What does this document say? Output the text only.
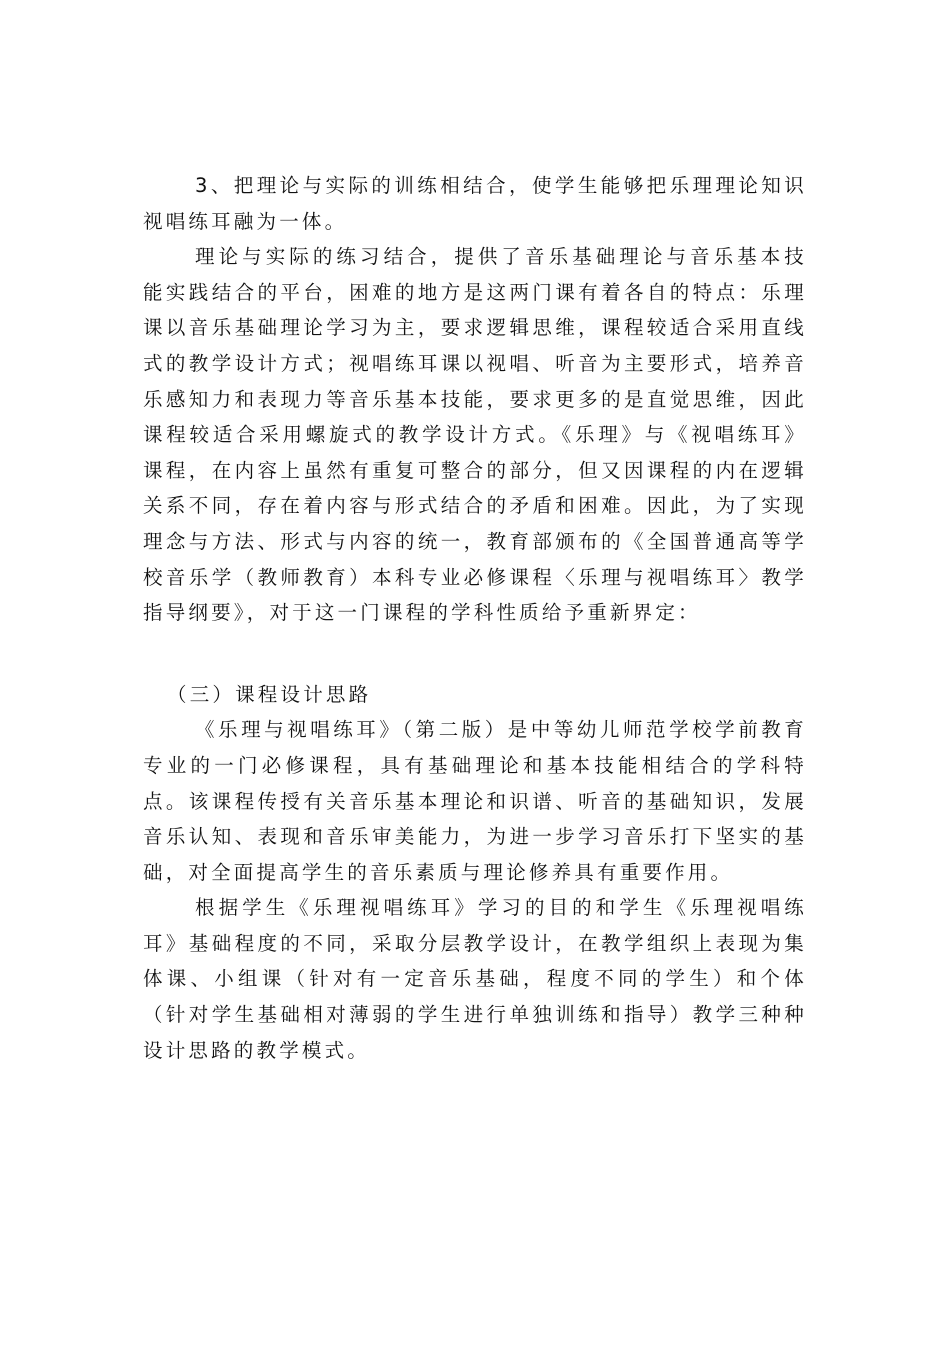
3、把理论与实际的训练相结合，使学生能够把乐理理论知识视唱练耳融为一体。

理论与实际的练习结合，提供了音乐基础理论与音乐基本技能实践结合的平台，困难的地方是这两门课有着各自的特点：乐理课以音乐基础理论学习为主，要求逻辑思维，课程较适合采用直线式的教学设计方式；视唱练耳课以视唱、听音为主要形式，培养音乐感知力和表现力等音乐基本技能，要求更多的是直觉思维，因此课程较适合采用螺旋式的教学设计方式。《乐理》与《视唱练耳》课程，在内容上虽然有重复可整合的部分，但又因课程的内在逻辑关系不同，存在着内容与形式结合的矛盾和困难。因此，为了实现理念与方法、形式与内容的统一，教育部颁布的《全国普通高等学校音乐学（教师教育）本科专业必修课程〈乐理与视唱练耳〉教学指导纲要》，对于这一门课程的学科性质给予重新界定：

（三）课程设计思路

《乐理与视唱练耳》（第二版）是中等幼儿师范学校学前教育专业的一门必修课程，具有基础理论和基本技能相结合的学科特点。该课程传授有关音乐基本理论和识谱、听音的基础知识，发展音乐认知、表现和音乐审美能力，为进一步学习音乐打下坚实的基础，对全面提高学生的音乐素质与理论修养具有重要作用。

根据学生《乐理视唱练耳》学习的目的和学生《乐理视唱练耳》基础程度的不同，采取分层教学设计，在教学组织上表现为集体课、小组课（针对有一定音乐基础，程度不同的学生）和个体（针对学生基础相对薄弱的学生进行单独训练和指导）教学三种种设计思路的教学模式。
